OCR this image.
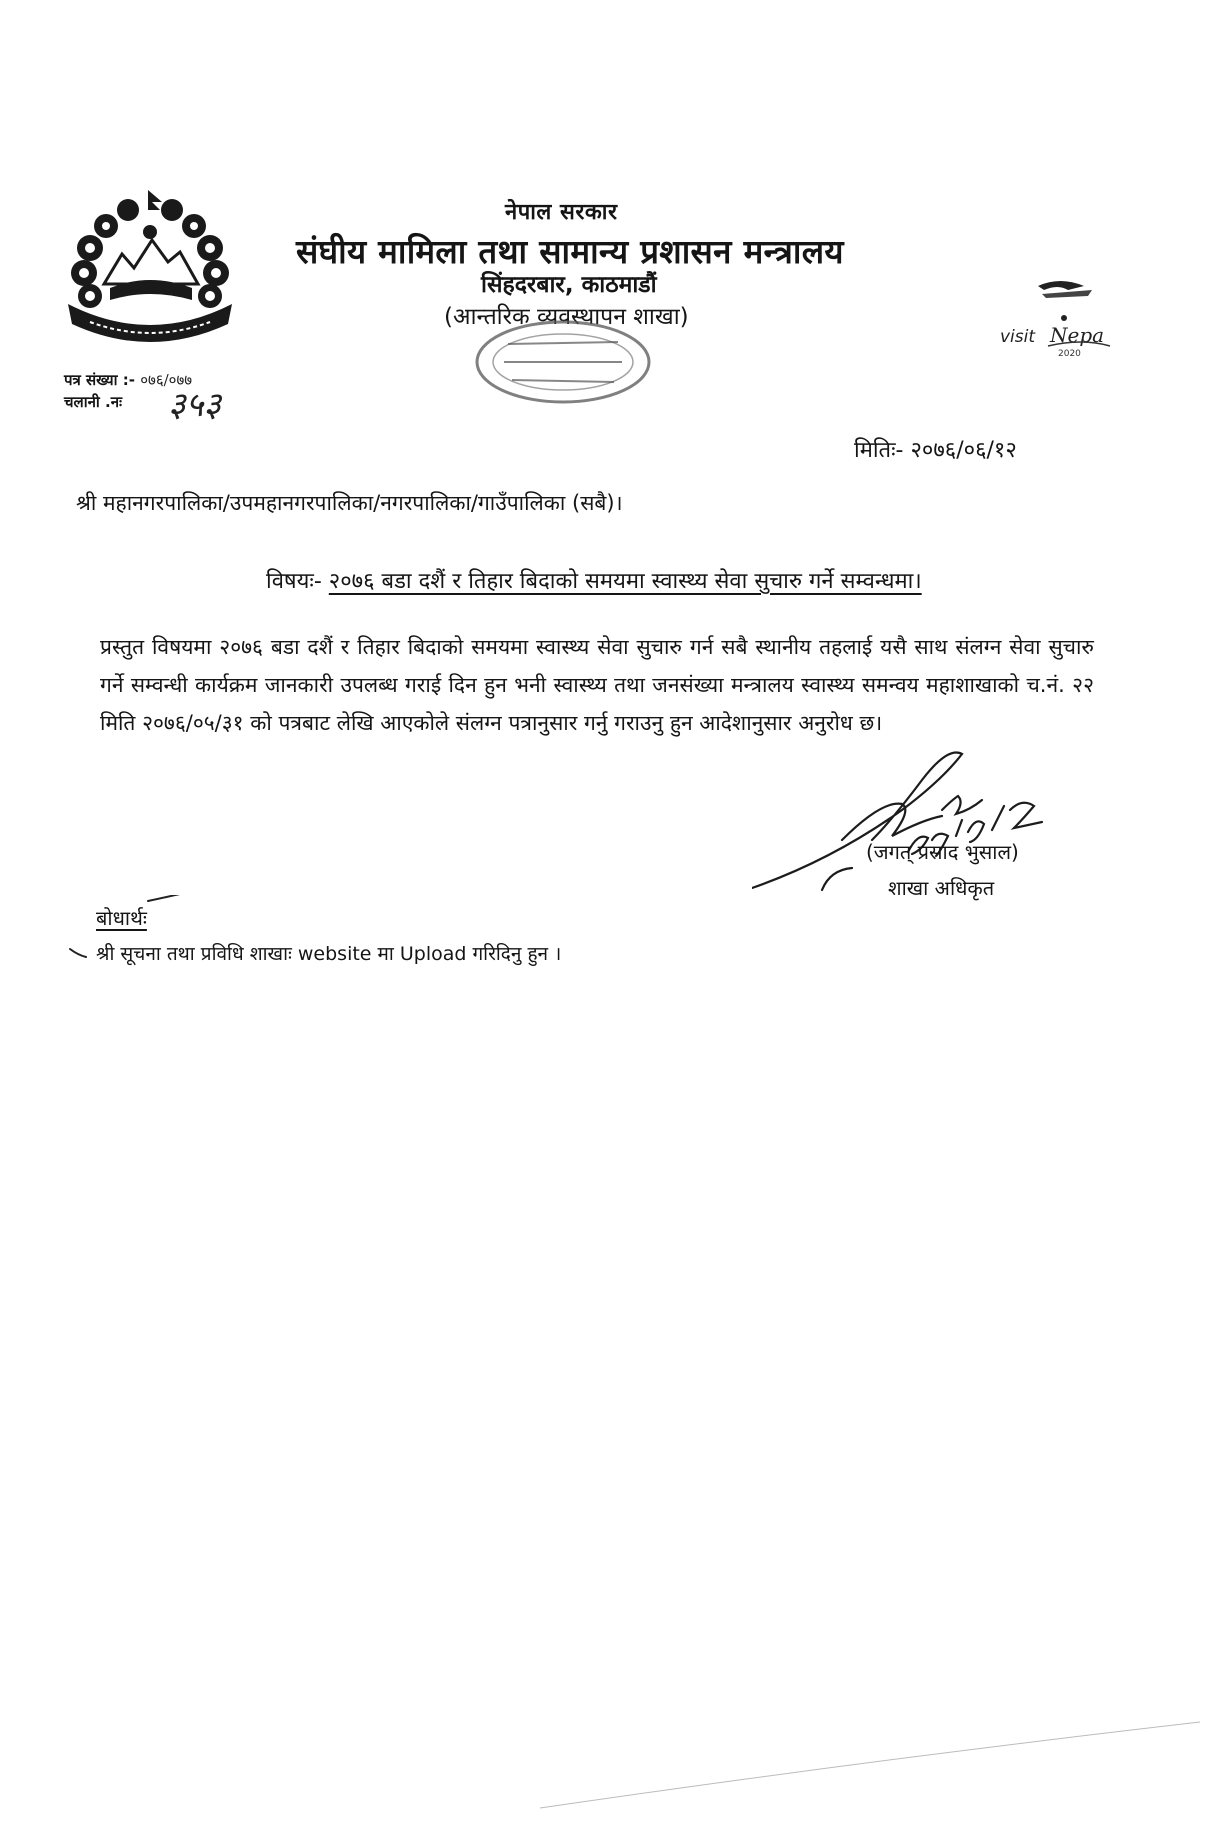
नेपाल सरकार
संघीय मामिला तथा सामान्य प्रशासन मन्त्रालय
सिंहदरबार, काठमाडौं
(आन्तरिक व्यवस्थापन शाखा)
visit Nepa
2020
पत्र संख्या :- ०७६/०७७
चलानी .नः ३५३
मितिः- २०७६/०६/१२
श्री महानगरपालिका/उपमहानगरपालिका/नगरपालिका/गाउँपालिका (सबै)।
विषयः- २०७६ बडा दशैं र तिहार बिदाको समयमा स्वास्थ्य सेवा सुचारु गर्ने सम्वन्धमा।
प्रस्तुत विषयमा २०७६ बडा दशैं र तिहार बिदाको समयमा स्वास्थ्य सेवा सुचारु गर्न सबै स्थानीय तहलाई यसै साथ संलग्न सेवा सुचारु गर्ने सम्वन्धी कार्यक्रम जानकारी उपलब्ध गराई दिन हुन भनी स्वास्थ्य तथा जनसंख्या मन्त्रालय स्वास्थ्य समन्वय महाशाखाको च.नं. २२ मिति २०७६/०५/३१ को पत्रबाट लेखि आएकोले संलग्न पत्रानुसार गर्नु गराउनु हुन आदेशानुसार अनुरोध छ।
(जगत् प्रसाद भुसाल)
शाखा अधिकृत
बोधार्थः
श्री सूचना तथा प्रविधि शाखाः website मा Upload गरिदिनु हुन ।
